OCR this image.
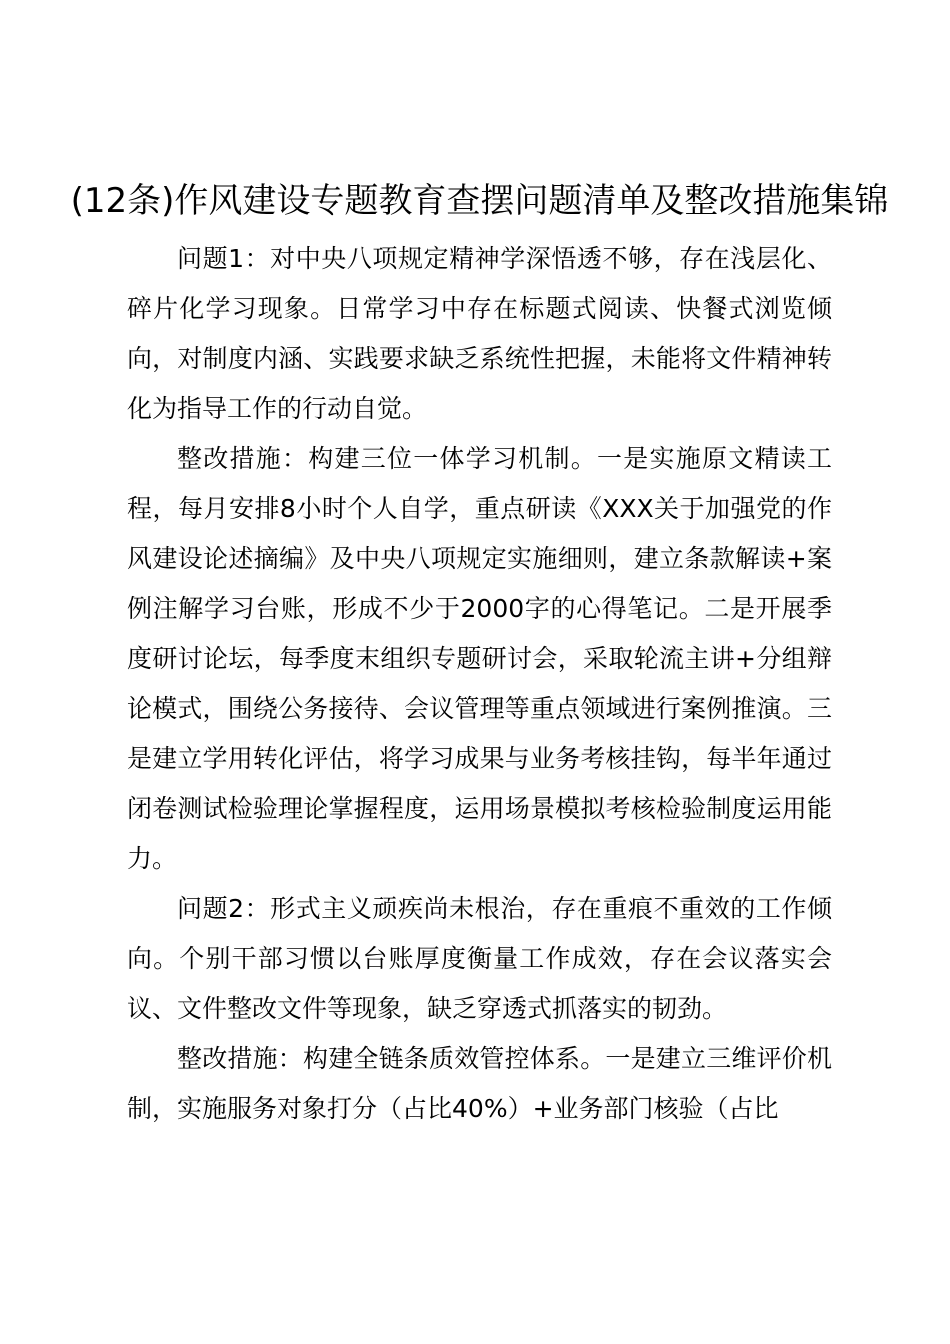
(12条)作风建设专题教育查摆问题清单及整改措施集锦

问题1：对中央八项规定精神学深悟透不够，存在浅层化、碎片化学习现象。日常学习中存在标题式阅读、快餐式浏览倾向，对制度内涵、实践要求缺乏系统性把握，未能将文件精神转化为指导工作的行动自觉。

整改措施：构建三位一体学习机制。一是实施原文精读工程，每月安排8小时个人自学，重点研读《XXX关于加强党的作风建设论述摘编》及中央八项规定实施细则，建立条款解读+案例注解学习台账，形成不少于2000字的心得笔记。二是开展季度研讨论坛，每季度末组织专题研讨会，采取轮流主讲+分组辩论模式，围绕公务接待、会议管理等重点领域进行案例推演。三是建立学用转化评估，将学习成果与业务考核挂钩，每半年通过闭卷测试检验理论掌握程度，运用场景模拟考核检验制度运用能力。

问题2：形式主义顽疾尚未根治，存在重痕不重效的工作倾向。个别干部习惯以台账厚度衡量工作成效，存在会议落实会议、文件整改文件等现象，缺乏穿透式抓落实的韧劲。

整改措施：构建全链条质效管控体系。一是建立三维评价机制，实施服务对象打分（占比40%）+业务部门核验（占比
